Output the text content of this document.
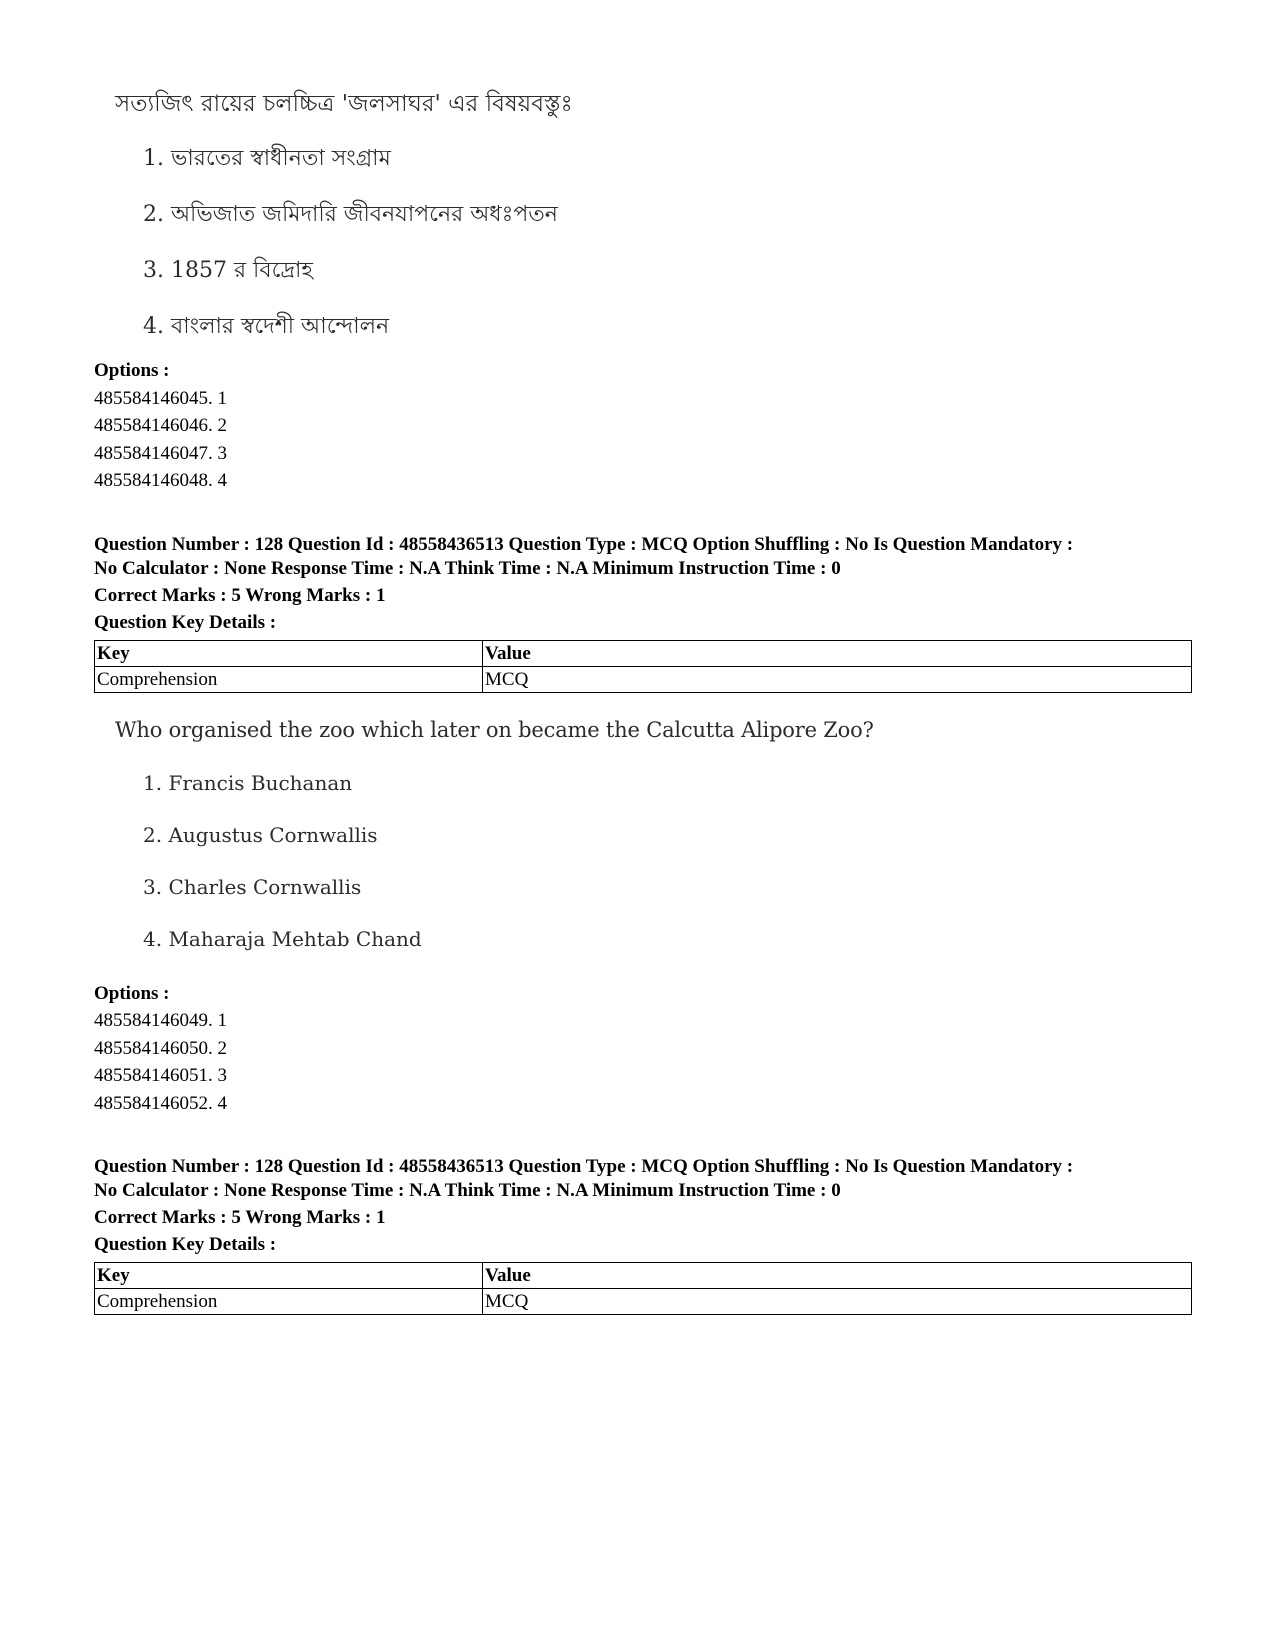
সত্যজিৎ রায়ের চলচ্চিত্র 'জলসাঘর' এর বিষয়বস্তুঃ
1. ভারতের স্বাধীনতা সংগ্রাম
2. অভিজাত জমিদারি জীবনযাপনের অধঃপতন
3. 1857 র বিদ্রোহ
4. বাংলার স্বদেশী আন্দোলন
Options :
485584146045. 1
485584146046. 2
485584146047. 3
485584146048. 4
Question Number : 128 Question Id : 48558436513 Question Type : MCQ Option Shuffling : No Is Question Mandatory :
No Calculator : None Response Time : N.A Think Time : N.A Minimum Instruction Time : 0
Correct Marks : 5 Wrong Marks : 1
Question Key Details :
Key	Value
Comprehension	MCQ
Who organised the zoo which later on became the Calcutta Alipore Zoo?
1. Francis Buchanan
2. Augustus Cornwallis
3. Charles Cornwallis
4. Maharaja Mehtab Chand
Options :
485584146049. 1
485584146050. 2
485584146051. 3
485584146052. 4
Question Number : 128 Question Id : 48558436513 Question Type : MCQ Option Shuffling : No Is Question Mandatory :
No Calculator : None Response Time : N.A Think Time : N.A Minimum Instruction Time : 0
Correct Marks : 5 Wrong Marks : 1
Question Key Details :
Key	Value
Comprehension	MCQ
